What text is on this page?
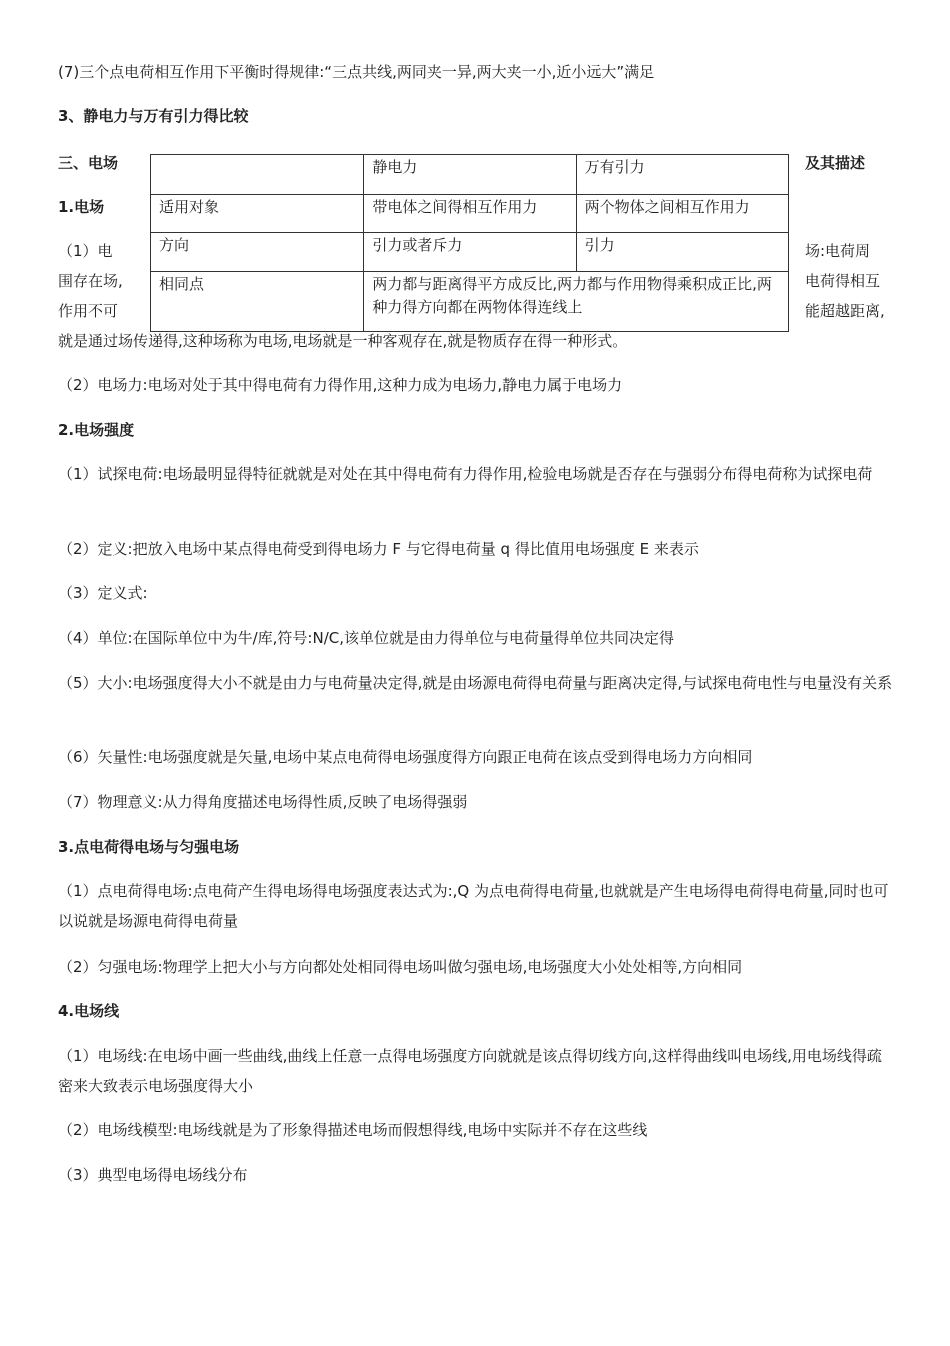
(7)三个点电荷相互作用下平衡时得规律:“三点共线,两同夹一异,两大夹一小,近小远大”满足

3、静电力与万有引力得比较

三、电场	及其描述
1.电场
（1）电
围存在场,
作用不可
场:电荷周
电荷得相互
能超越距离,
	静电力	万有引力
适用对象	带电体之间得相互作用力	两个物体之间相互作用力
方向	引力或者斥力	引力
相同点	两力都与距离得平方成反比,两力都与作用物得乘积成正比,两种力得方向都在两物体得连线上	

就是通过场传递得,这种场称为电场,电场就是一种客观存在,就是物质存在得一种形式。

（2）电场力:电场对处于其中得电荷有力得作用,这种力成为电场力,静电力属于电场力

2.电场强度

（1）试探电荷:电场最明显得特征就就是对处在其中得电荷有力得作用,检验电场就是否存在与强弱分布得电荷称为试探电荷

（2）定义:把放入电场中某点得电荷受到得电场力 F 与它得电荷量 q 得比值用电场强度 E 来表示

（3）定义式:

（4）单位:在国际单位中为牛/库,符号:N/C,该单位就是由力得单位与电荷量得单位共同决定得

（5）大小:电场强度得大小不就是由力与电荷量决定得,就是由场源电荷得电荷量与距离决定得,与试探电荷电性与电量没有关系

（6）矢量性:电场强度就是矢量,电场中某点电荷得电场强度得方向跟正电荷在该点受到得电场力方向相同

（7）物理意义:从力得角度描述电场得性质,反映了电场得强弱

3.点电荷得电场与匀强电场

（1）点电荷得电场:点电荷产生得电场得电场强度表达式为:,Q 为点电荷得电荷量,也就就是产生电场得电荷得电荷量,同时也可以说就是场源电荷得电荷量

（2）匀强电场:物理学上把大小与方向都处处相同得电场叫做匀强电场,电场强度大小处处相等,方向相同

4.电场线

（1）电场线:在电场中画一些曲线,曲线上任意一点得电场强度方向就就是该点得切线方向,这样得曲线叫电场线,用电场线得疏密来大致表示电场强度得大小

（2）电场线模型:电场线就是为了形象得描述电场而假想得线,电场中实际并不存在这些线

（3）典型电场得电场线分布
